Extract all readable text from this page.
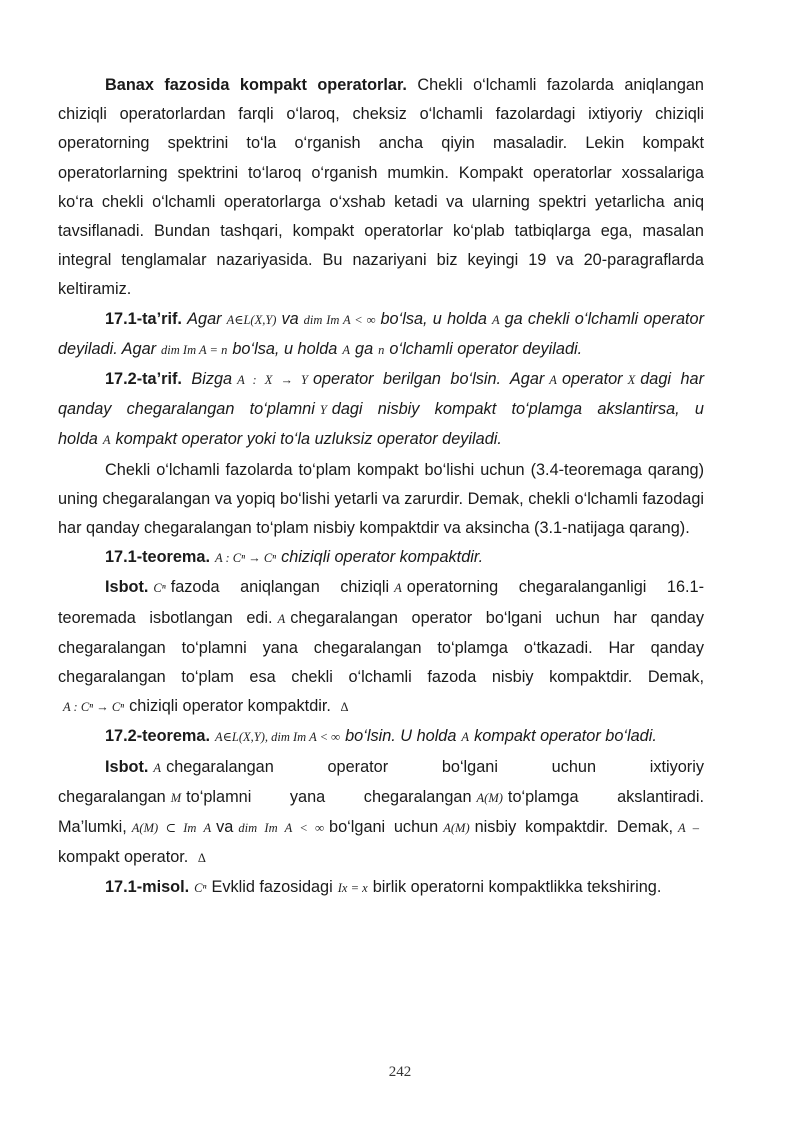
Banax fazosida kompakt operatorlar. Chekli o‘lchamli fazolarda aniqlangan chiziqli operatorlardan farqli o‘laroq, cheksiz o‘lchamli fazolardagi ixtiyoriy chiziqli operatorning spektrini to‘la o‘rganish ancha qiyin masaladir. Lekin kompakt operatorlarning spektrini to‘laroq o‘rganish mumkin. Kompakt operatorlar xossalariga ko‘ra chekli o‘lchamli operatorlarga o‘xshab ketadi va ularning spektri yetarlicha aniq tavsiflanadi. Bundan tashqari, kompakt operatorlar ko‘plab tatbiqlarga ega, masalan integral tenglamalar nazariyasida. Bu nazariyani biz keyingi 19 va 20-paragraflarda keltiramiz.

17.1-ta’rif. Agar A∈L(X,Y) va dim Im A < ∞ bo‘lsa, u holda A ga chekli o‘lchamli operator deyiladi. Agar dim Im A = n bo‘lsa, u holda A ga n o‘lchamli operator deyiladi.

17.2-ta’rif. Bizga A : X → Y operator berilgan bo‘lsin. Agar A operator X dagi har qanday chegaralangan to‘plamni Y dagi nisbiy kompakt to‘plamga akslantirsa, u holda A kompakt operator yoki to‘la uzluksiz operator deyiladi.

Chekli o‘lchamli fazolarda to‘plam kompakt bo‘lishi uchun (3.4-teoremaga qarang) uning chegaralangan va yopiq bo‘lishi yetarli va zarurdir. Demak, chekli o‘lchamli fazodagi har qanday chegaralangan to‘plam nisbiy kompaktdir va aksincha (3.1-natijaga qarang).

17.1-teorema. A : Cⁿ → Cⁿ chiziqli operator kompaktdir.

Isbot. Cⁿ fazoda aniqlangan chiziqli A operatorning chegaralanganligi 16.1-teoremada isbotlangan edi. A chegaralangan operator bo‘lgani uchun har qanday chegaralangan to‘plamni yana chegaralangan to‘plamga o‘tkazadi. Har qanday chegaralangan to‘plam esa chekli o‘lchamli fazoda nisbiy kompaktdir. Demak, A : Cⁿ → Cⁿ chiziqli operator kompaktdir. Δ

17.2-teorema. A∈L(X,Y), dim Im A < ∞ bo‘lsin. U holda A kompakt operator bo‘ladi.

Isbot. A chegaralangan operator bo‘lgani uchun ixtiyoriy chegaralangan M to‘plamni yana chegaralangan A(M) to‘plamga akslantiradi. Ma’lumki, A(M) ⊂ Im A va dim Im A < ∞ bo‘lgani uchun A(M) nisbiy kompaktdir. Demak, A –kompakt operator. Δ

17.1-misol. Cⁿ Evklid fazosidagi Ix = x birlik operatorni kompaktlikka tekshiring.

242
